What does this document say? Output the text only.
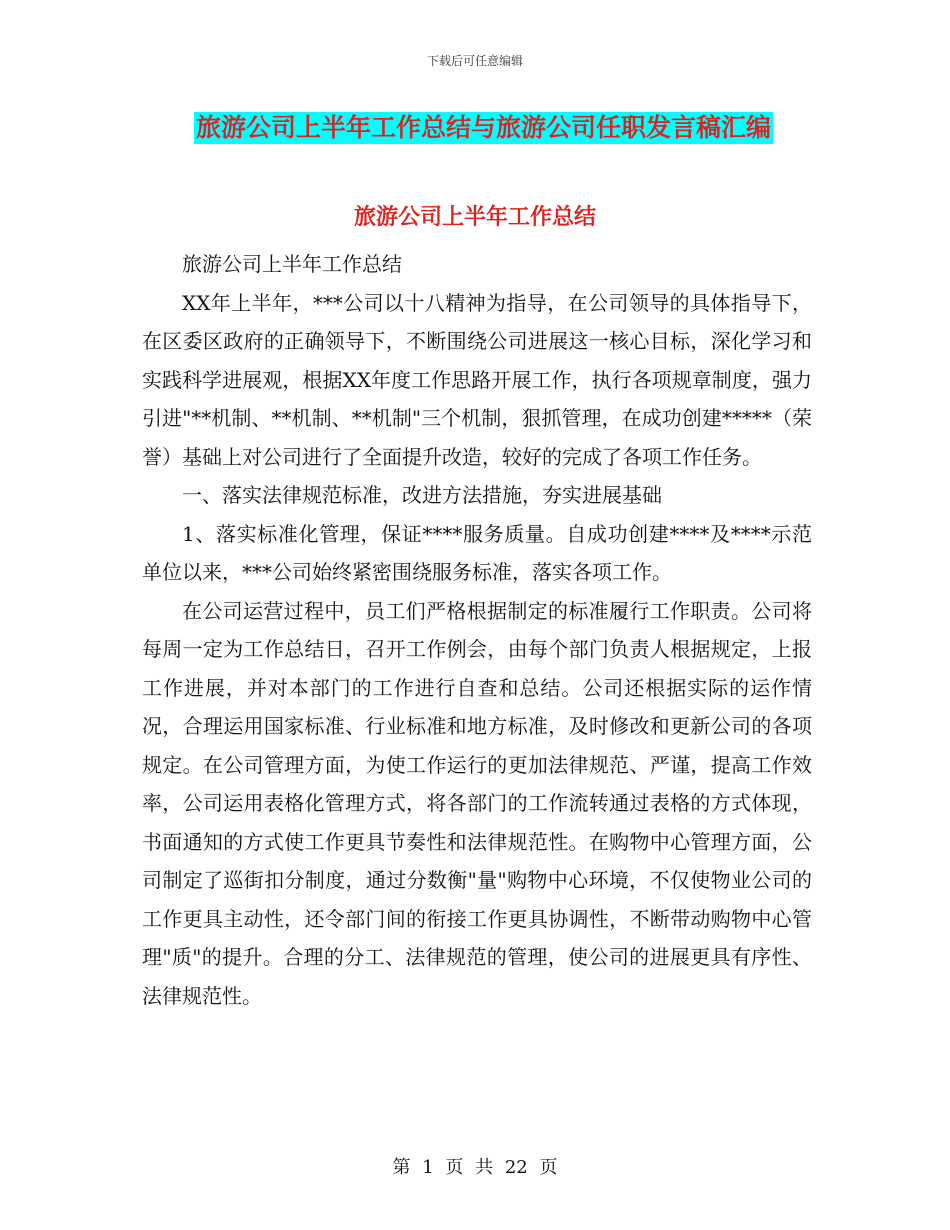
下载后可任意编辑
旅游公司上半年工作总结与旅游公司任职发言稿汇编
旅游公司上半年工作总结

旅游公司上半年工作总结

XX年上半年，***公司以十八精神为指导，在公司领导的具体指导下，在区委区政府的正确领导下，不断围绕公司进展这一核心目标，深化学习和实践科学进展观，根据XX年度工作思路开展工作，执行各项规章制度，强力引进"**机制、**机制、**机制"三个机制，狠抓管理，在成功创建*****（荣誉）基础上对公司进行了全面提升改造，较好的完成了各项工作任务。

一、落实法律规范标准，改进方法措施，夯实进展基础

1、落实标准化管理，保证****服务质量。自成功创建****及****示范单位以来，***公司始终紧密围绕服务标准，落实各项工作。

在公司运营过程中，员工们严格根据制定的标准履行工作职责。公司将每周一定为工作总结日，召开工作例会，由每个部门负责人根据规定，上报工作进展，并对本部门的工作进行自查和总结。公司还根据实际的运作情况，合理运用国家标准、行业标准和地方标准，及时修改和更新公司的各项规定。在公司管理方面，为使工作运行的更加法律规范、严谨，提高工作效率，公司运用表格化管理方式，将各部门的工作流转通过表格的方式体现，书面通知的方式使工作更具节奏性和法律规范性。在购物中心管理方面，公司制定了巡街扣分制度，通过分数衡"量"购物中心环境，不仅使物业公司的工作更具主动性，还令部门间的衔接工作更具协调性，不断带动购物中心管理"质"的提升。合理的分工、法律规范的管理，使公司的进展更具有序性、法律规范性。

第 1 页 共 22 页
